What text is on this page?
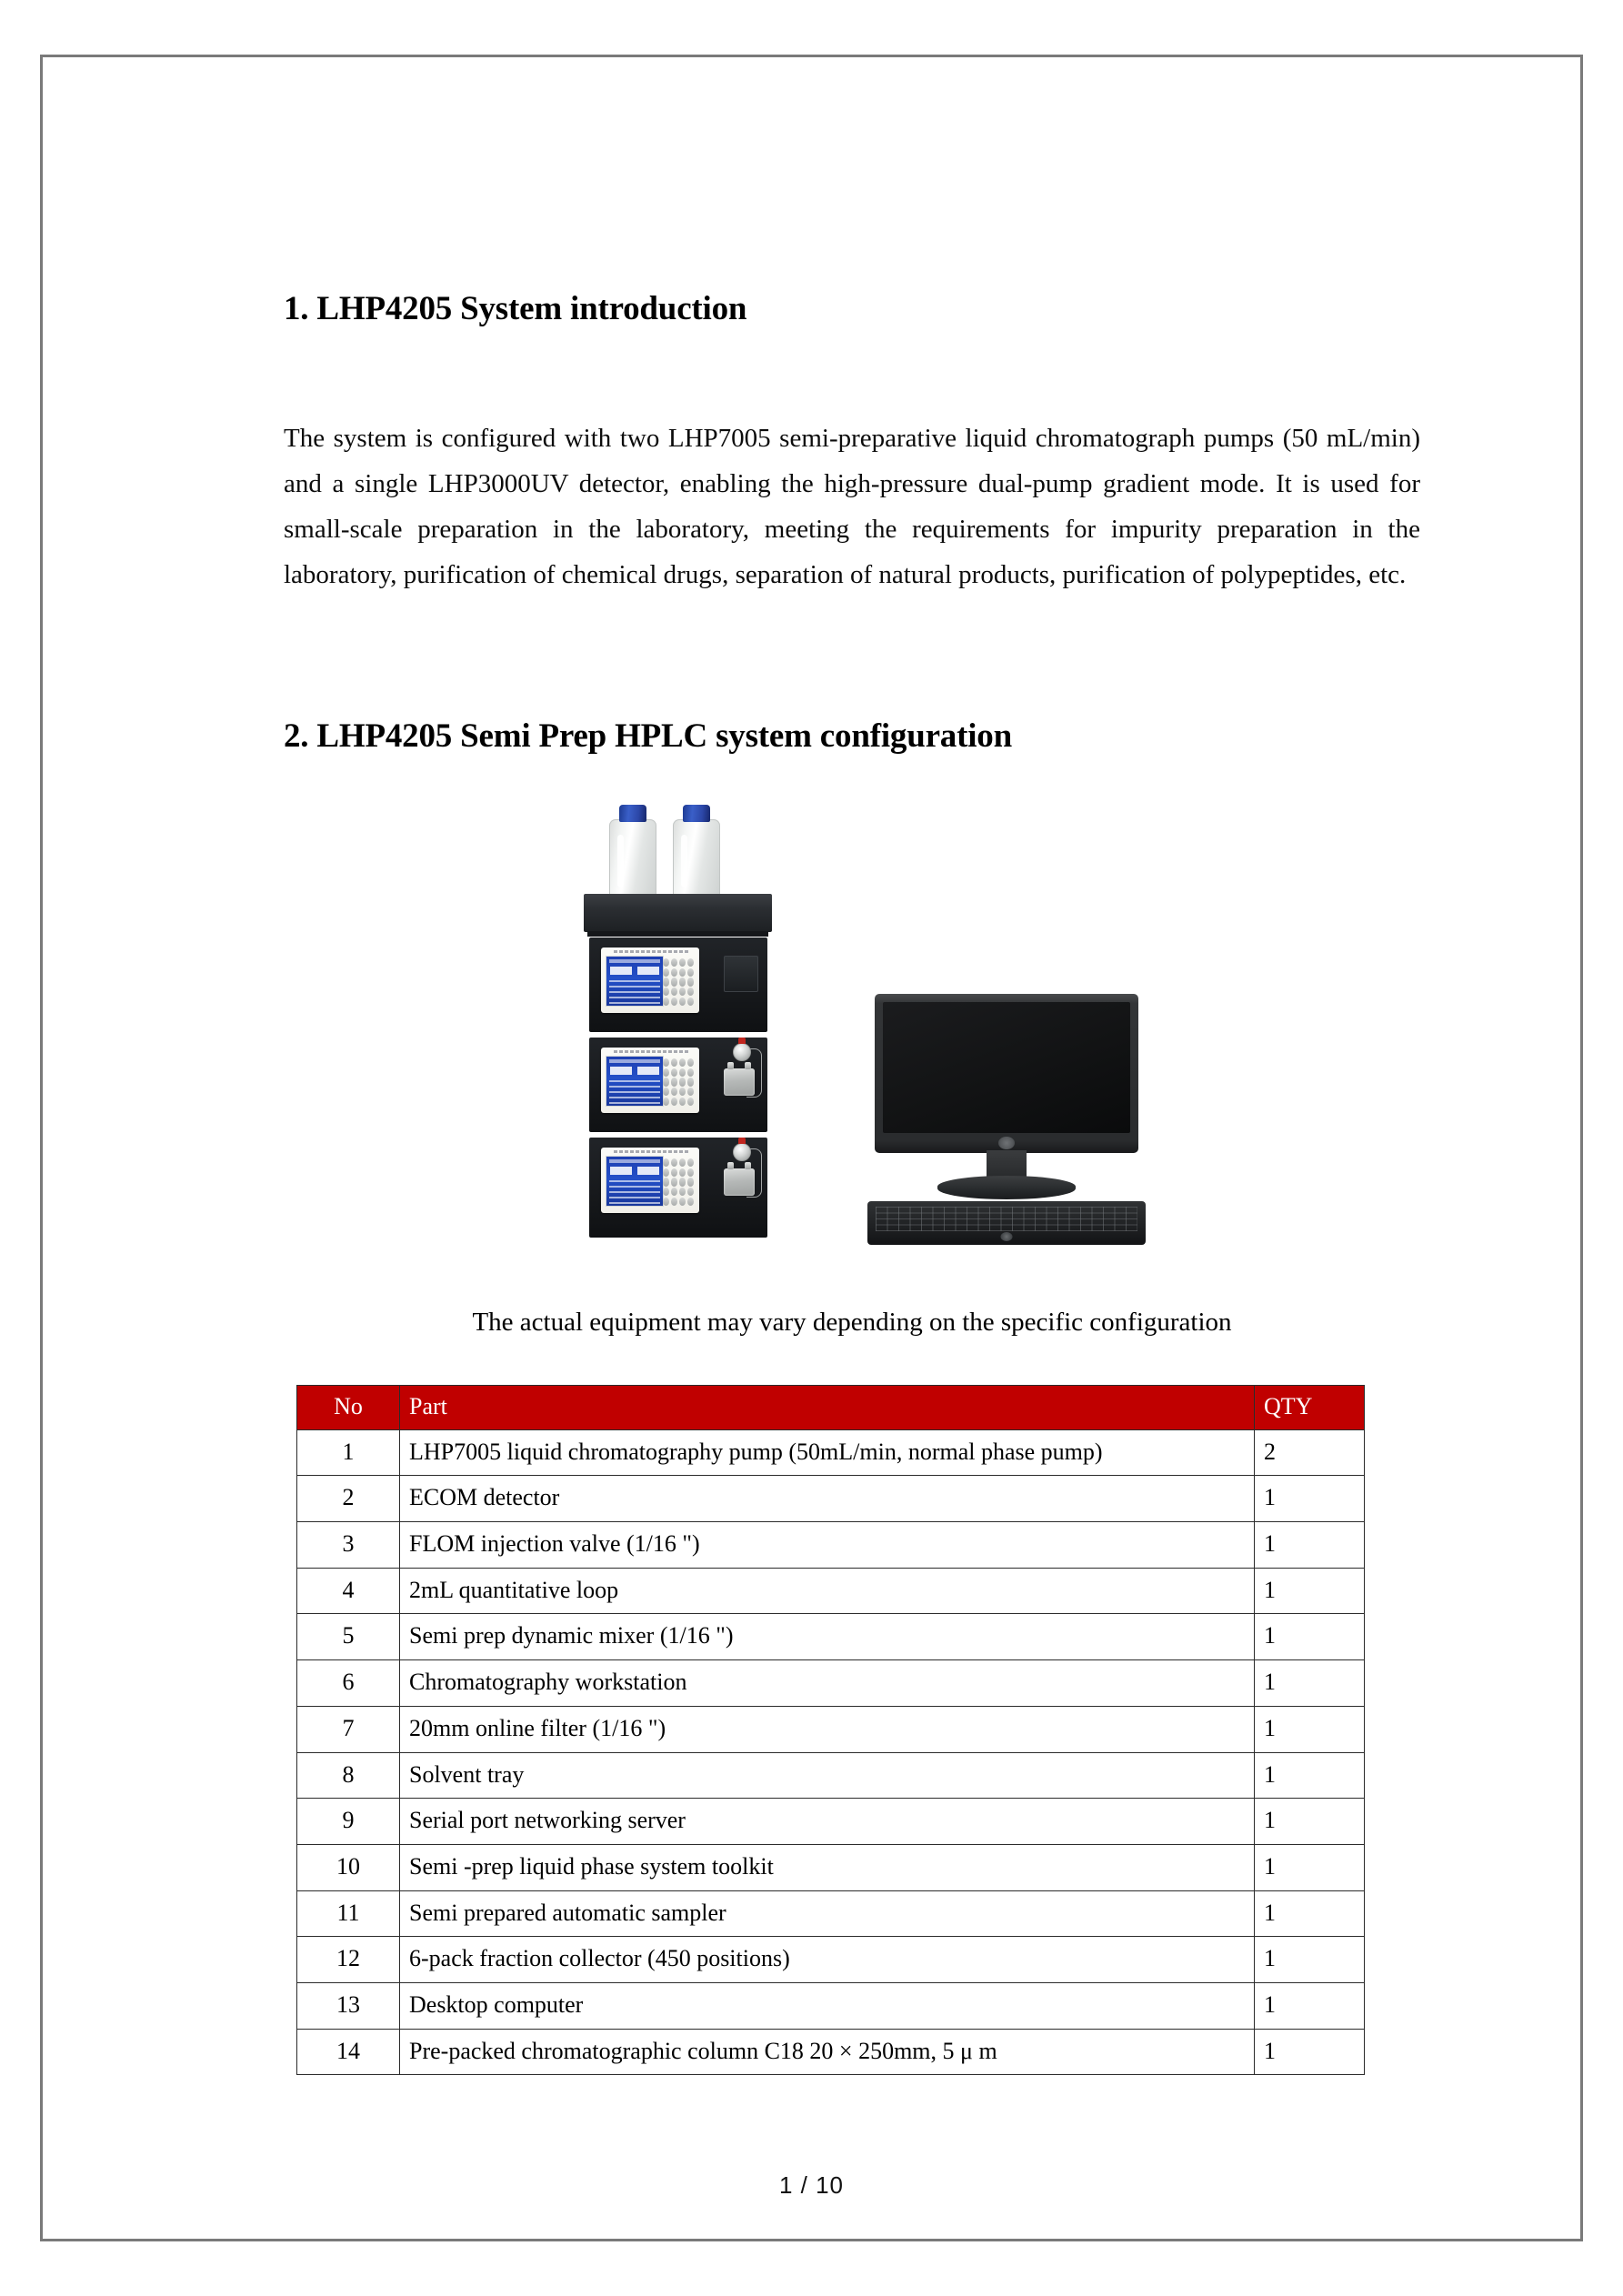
1. LHP4205 System introduction

The system is configured with two LHP7005 semi-preparative liquid chromatograph pumps (50 mL/min) and a single LHP3000UV detector, enabling the high-pressure dual-pump gradient mode. It is used for small-scale preparation in the laboratory, meeting the requirements for impurity preparation in the laboratory, purification of chemical drugs, separation of natural products, purification of polypeptides, etc.

2. LHP4205 Semi Prep HPLC system configuration
The actual equipment may vary depending on the specific configuration
No	Part	QTY
1	LHP7005 liquid chromatography pump (50mL/min, normal phase pump)	2
2	ECOM detector	1
3	FLOM injection valve (1/16 ")	1
4	2mL quantitative loop	1
5	Semi prep dynamic mixer (1/16 ")	1
6	Chromatography workstation	1
7	20mm online filter (1/16 ")	1
8	Solvent tray	1
9	Serial port networking server	1
10	Semi -prep liquid phase system toolkit	1
11	Semi prepared automatic sampler	1
12	6-pack fraction collector (450 positions)	1
13	Desktop computer	1
14	Pre-packed chromatographic column C18 20 × 250mm, 5 μ m	1
1 / 10
